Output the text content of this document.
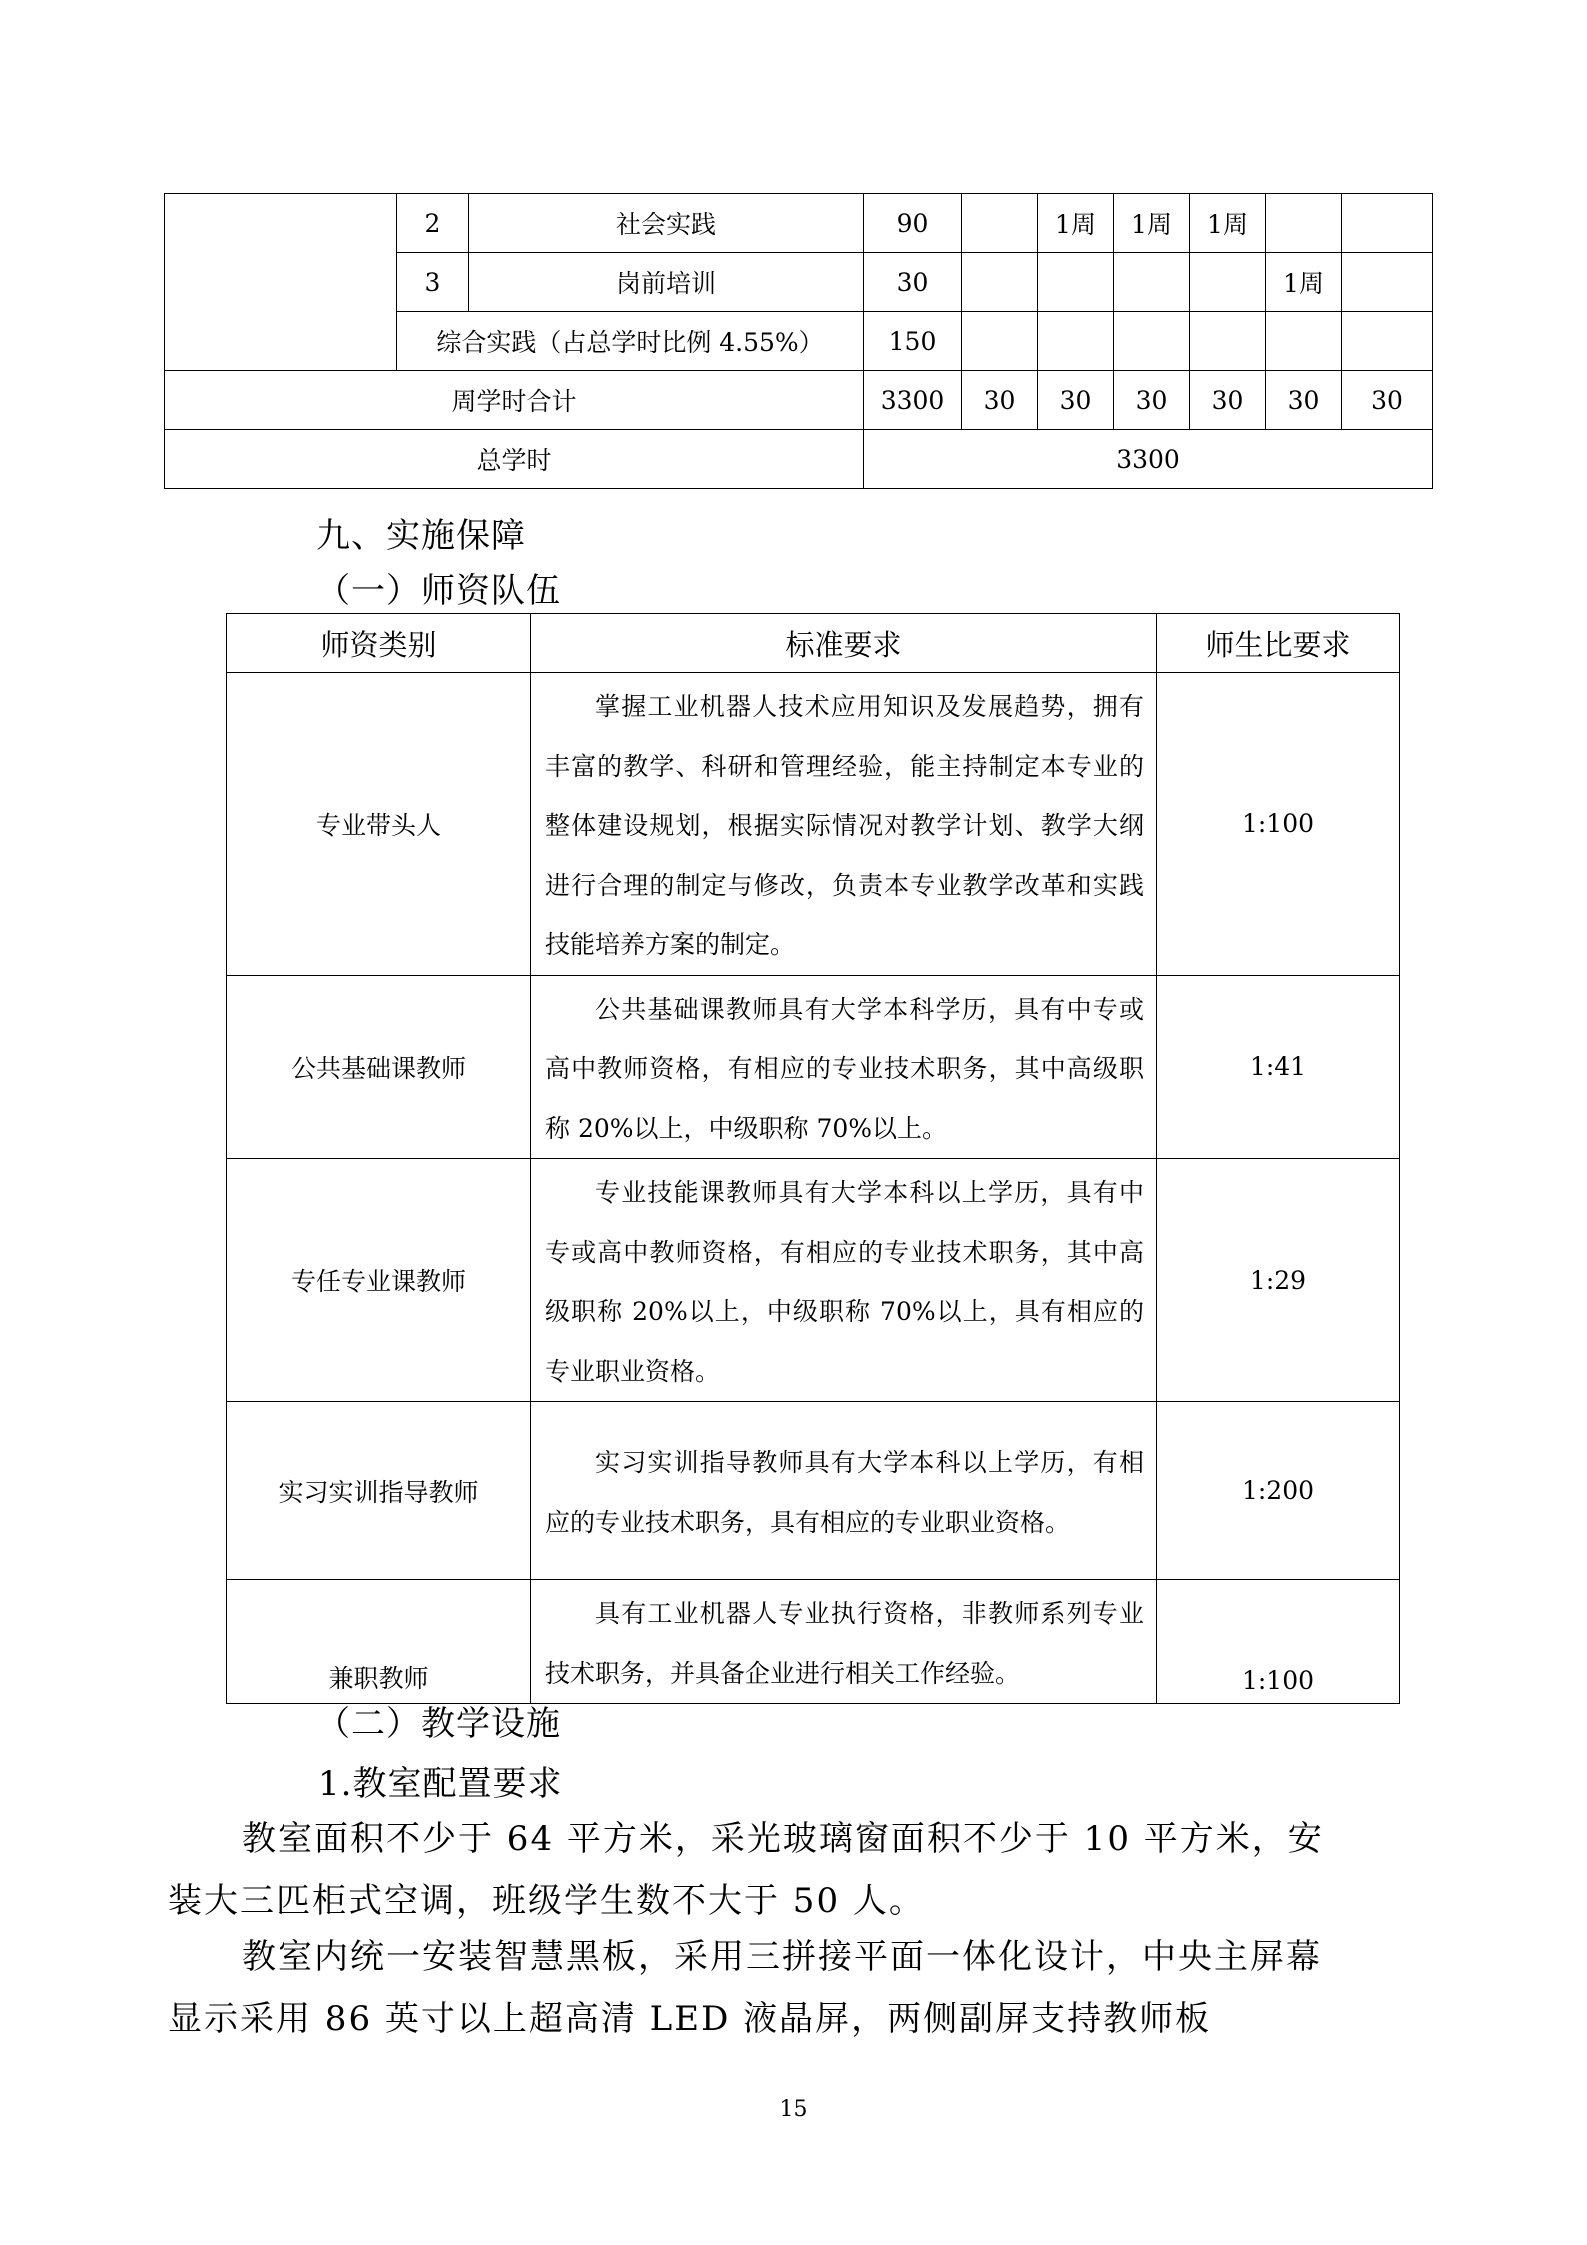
	2	社会实践	90		1周	1周	1周		
	3	岗前培训	30					1周	
	综合实践（占总学时比例 4.55%）		150						
周学时合计			3300	30	30	30	30	30	30
总学时			3300						
九、实施保障
（一）师资队伍
师资类别	标准要求	师生比要求
专业带头人	掌握工业机器人技术应用知识及发展趋势，拥有丰富的教学、科研和管理经验，能主持制定本专业的整体建设规划，根据实际情况对教学计划、教学大纲进行合理的制定与修改，负责本专业教学改革和实践技能培养方案的制定。	1:100
公共基础课教师	公共基础课教师具有大学本科学历，具有中专或高中教师资格，有相应的专业技术职务，其中高级职称 20%以上，中级职称 70%以上。	1:41
专任专业课教师	专业技能课教师具有大学本科以上学历，具有中专或高中教师资格，有相应的专业技术职务，其中高级职称 20%以上，中级职称 70%以上，具有相应的专业职业资格。	1:29
实习实训指导教师	实习实训指导教师具有大学本科以上学历，有相应的专业技术职务，具有相应的专业职业资格。	1:200
兼职教师	具有工业机器人专业执行资格，非教师系列专业技术职务，并具备企业进行相关工作经验。	1:100
（二）教学设施
1.教室配置要求
教室面积不少于 64 平方米，采光玻璃窗面积不少于 10 平方米，安装大三匹柜式空调，班级学生数不大于 50 人。
教室内统一安装智慧黑板，采用三拼接平面一体化设计，中央主屏幕显示采用 86 英寸以上超高清 LED 液晶屏，两侧副屏支持教师板
15
